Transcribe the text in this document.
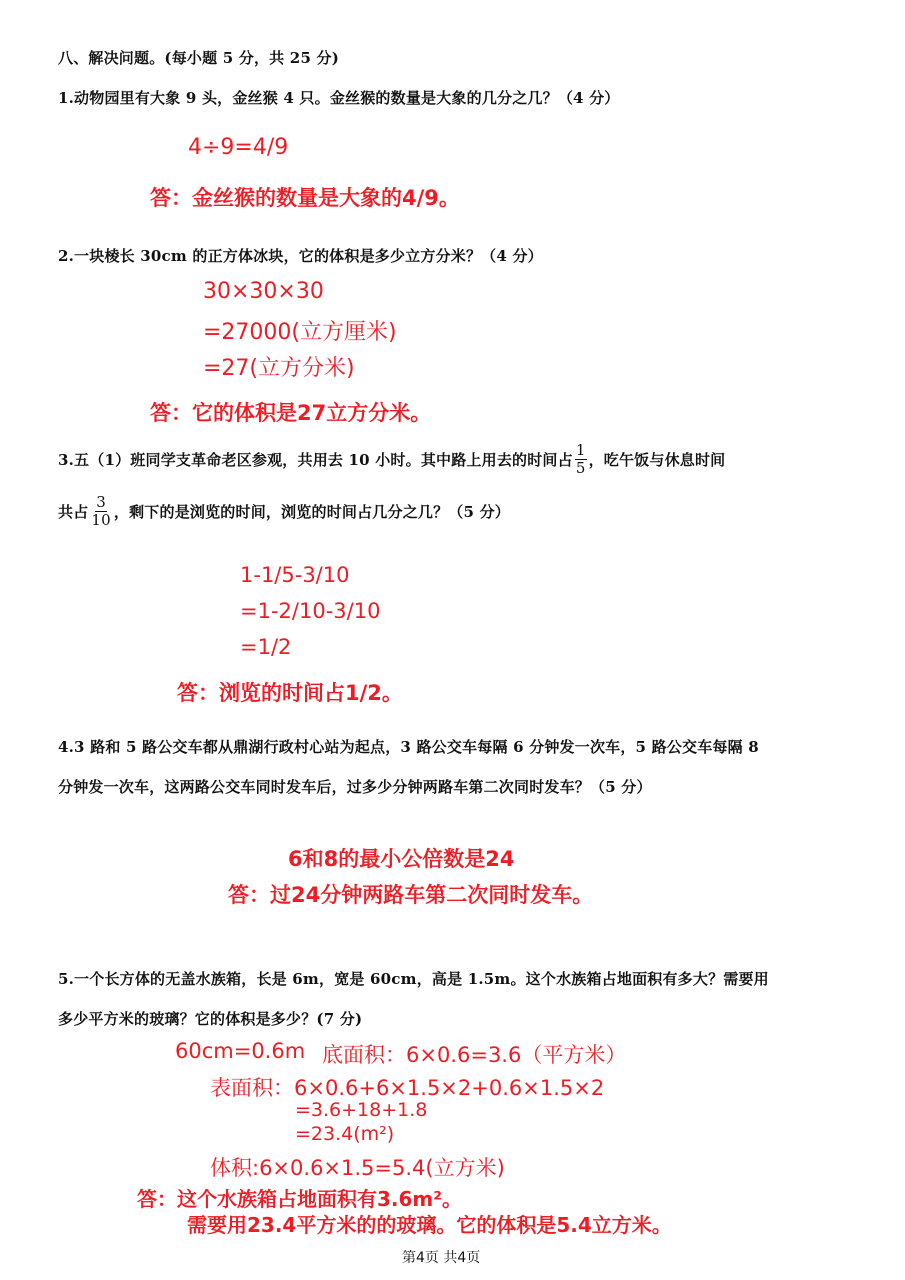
八、解决问题。(每小题 5 分，共 25 分)
1.动物园里有大象 9 头，金丝猴 4 只。金丝猴的数量是大象的几分之几？（4 分）
4÷9=4/9
答：金丝猴的数量是大象的4/9。
2.一块棱长 30cm 的正方体冰块，它的体积是多少立方分米？（4 分）
30×30×30
=27000(立方厘米)
=27(立方分米)
答：它的体积是27立方分米。
3.五（1）班同学支革命老区参观，共用去 10 小时。其中路上用去的时间占 $\frac{1}{5}$ ，吃午饭与休息时间
共占 $\frac{3}{10}$ ，剩下的是浏览的时间，浏览的时间占几分之几？（5 分）
1-1/5-3/10
=1-2/10-3/10
=1/2
答：浏览的时间占1/2。
4.3 路和 5 路公交车都从鼎湖行政村心站为起点，3 路公交车每隔 6 分钟发一次车，5 路公交车每隔 8
分钟发一次车，这两路公交车同时发车后，过多少分钟两路车第二次同时发车？（5 分）
6和8的最小公倍数是24
答：过24分钟两路车第二次同时发车。
5.一个长方体的无盖水族箱，长是 6m，宽是 60cm，高是 1.5m。这个水族箱占地面积有多大？需要用
多少平方米的玻璃？它的体积是多少？(7 分)
60cm=0.6m 底面积：6×0.6=3.6（平方米）
表面积：6×0.6+6×1.5×2+0.6×1.5×2
=3.6+18+1.8
=23.4(m²)
体积:6×0.6×1.5=5.4(立方米)
答：这个水族箱占地面积有3.6m²。
需要用23.4平方米的的玻璃。它的体积是5.4立方米。
第4页 共4页
